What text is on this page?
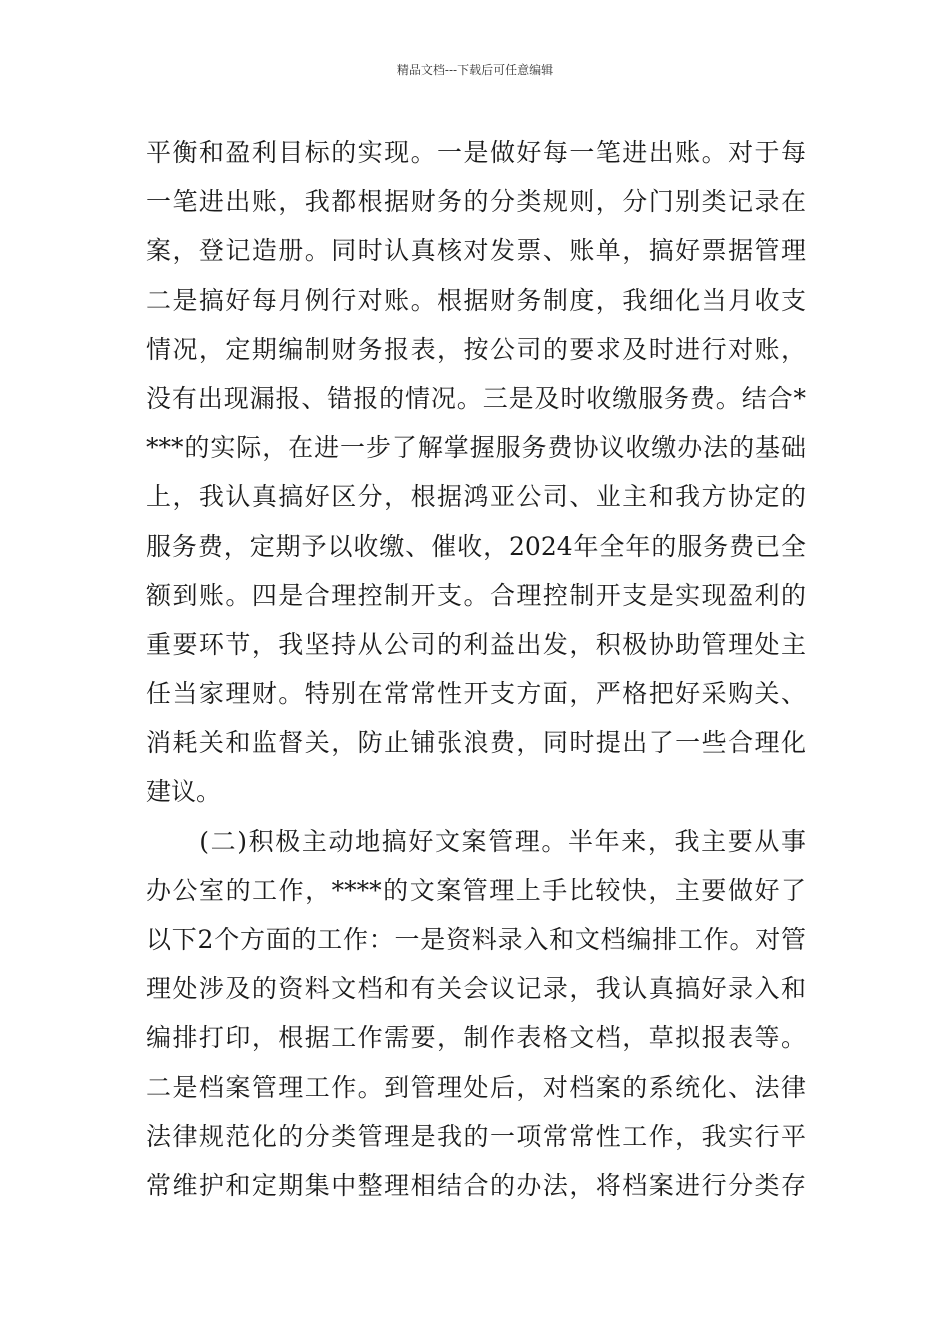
精品文档---下载后可任意编辑
平衡和盈利目标的实现。一是做好每一笔进出账。对于每
一笔进出账，我都根据财务的分类规则，分门别类记录在
案，登记造册。同时认真核对发票、账单，搞好票据管理
二是搞好每月例行对账。根据财务制度，我细化当月收支
情况，定期编制财务报表，按公司的要求及时进行对账，
没有出现漏报、错报的情况。三是及时收缴服务费。结合*
***的实际，在进一步了解掌握服务费协议收缴办法的基础
上，我认真搞好区分，根据鸿亚公司、业主和我方协定的
服务费，定期予以收缴、催收，2024年全年的服务费已全
额到账。四是合理控制开支。合理控制开支是实现盈利的
重要环节，我坚持从公司的利益出发，积极协助管理处主
任当家理财。特别在常常性开支方面，严格把好采购关、
消耗关和监督关，防止铺张浪费，同时提出了一些合理化
建议。
　　(二)积极主动地搞好文案管理。半年来，我主要从事
办公室的工作，****的文案管理上手比较快，主要做好了
以下2个方面的工作：一是资料录入和文档编排工作。对管
理处涉及的资料文档和有关会议记录，我认真搞好录入和
编排打印，根据工作需要，制作表格文档，草拟报表等。
二是档案管理工作。到管理处后，对档案的系统化、法律
法律规范化的分类管理是我的一项常常性工作，我实行平
常维护和定期集中整理相结合的办法，将档案进行分类存
